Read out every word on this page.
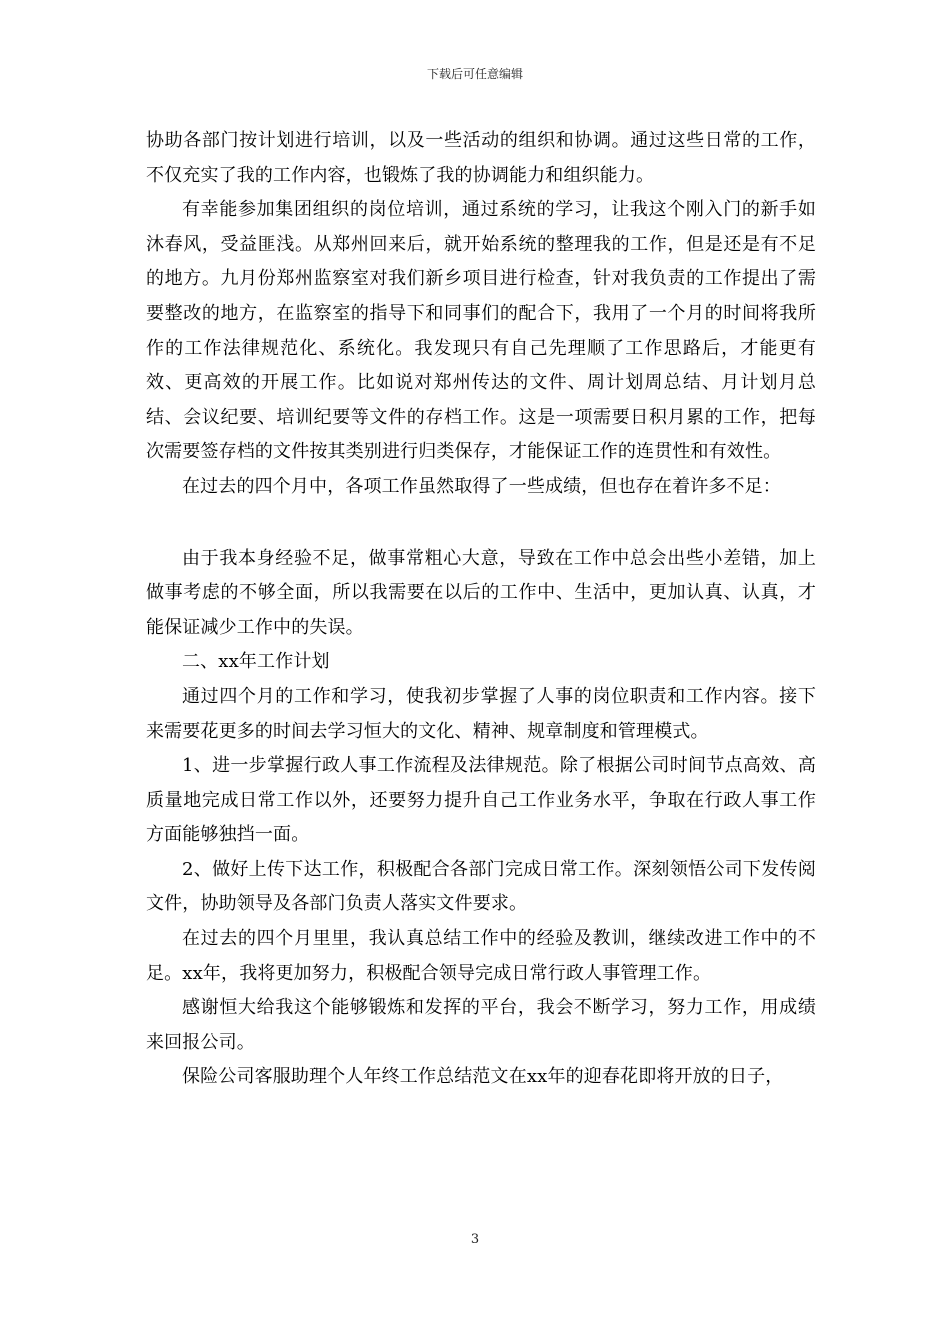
下载后可任意编辑

协助各部门按计划进行培训，以及一些活动的组织和协调。通过这些日常的工作，不仅充实了我的工作内容，也锻炼了我的协调能力和组织能力。

有幸能参加集团组织的岗位培训，通过系统的学习，让我这个刚入门的新手如沐春风，受益匪浅。从郑州回来后，就开始系统的整理我的工作，但是还是有不足的地方。九月份郑州监察室对我们新乡项目进行检查，针对我负责的工作提出了需要整改的地方，在监察室的指导下和同事们的配合下，我用了一个月的时间将我所作的工作法律规范化、系统化。我发现只有自己先理顺了工作思路后，才能更有效、更高效的开展工作。比如说对郑州传达的文件、周计划周总结、月计划月总结、会议纪要、培训纪要等文件的存档工作。这是一项需要日积月累的工作，把每次需要签存档的文件按其类别进行归类保存，才能保证工作的连贯性和有效性。

在过去的四个月中，各项工作虽然取得了一些成绩，但也存在着许多不足：

由于我本身经验不足，做事常粗心大意，导致在工作中总会出些小差错，加上做事考虑的不够全面，所以我需要在以后的工作中、生活中，更加认真、认真，才能保证减少工作中的失误。

二、xx年工作计划

通过四个月的工作和学习，使我初步掌握了人事的岗位职责和工作内容。接下来需要花更多的时间去学习恒大的文化、精神、规章制度和管理模式。

1、进一步掌握行政人事工作流程及法律规范。除了根据公司时间节点高效、高质量地完成日常工作以外，还要努力提升自己工作业务水平，争取在行政人事工作方面能够独挡一面。

2、做好上传下达工作，积极配合各部门完成日常工作。深刻领悟公司下发传阅文件，协助领导及各部门负责人落实文件要求。

在过去的四个月里里，我认真总结工作中的经验及教训，继续改进工作中的不足。xx年，我将更加努力，积极配合领导完成日常行政人事管理工作。

感谢恒大给我这个能够锻炼和发挥的平台，我会不断学习，努力工作，用成绩来回报公司。

保险公司客服助理个人年终工作总结范文在xx年的迎春花即将开放的日子，

3
